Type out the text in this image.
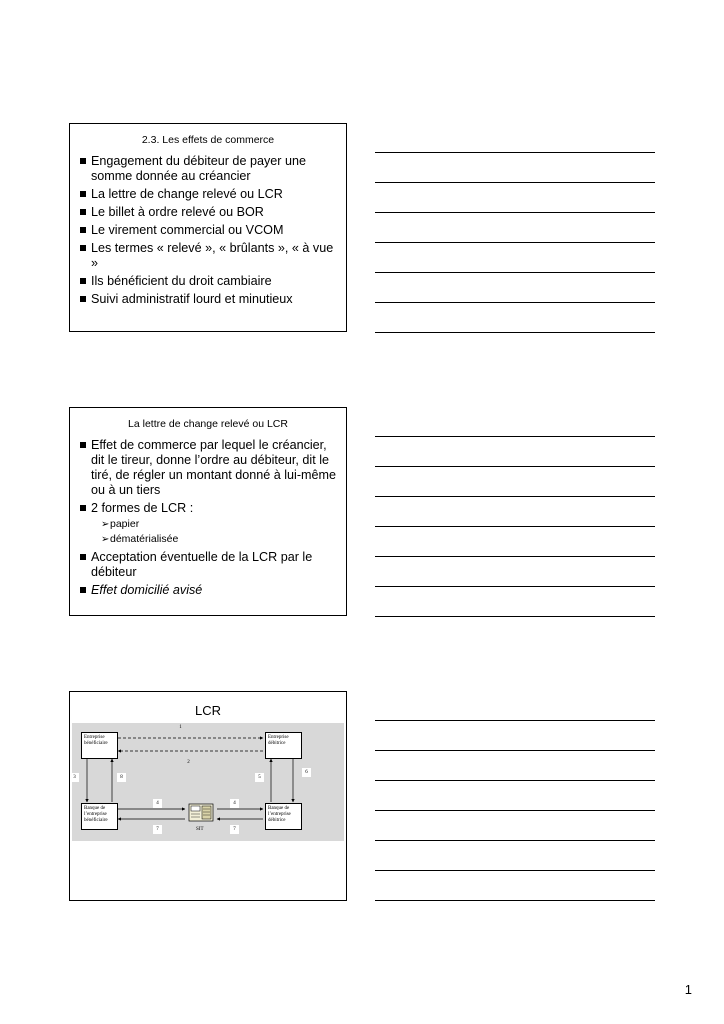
2.3. Les effets de commerce
Engagement du débiteur de payer une somme donnée au créancier
La lettre de change relevé ou LCR
Le billet à ordre relevé ou BOR
Le virement commercial ou VCOM
Les termes « relevé », « brûlants », « à vue »
Ils bénéficient du droit cambiaire
Suivi administratif lourd et minutieux
La lettre de change relevé ou LCR
Effet de commerce par lequel le créancier, dit le tireur, donne l’ordre au débiteur, dit le tiré, de régler un montant donné à lui-même ou à un tiers
2 formes de LCR :
➢ papier
➢ dématérialisée
Acceptation éventuelle de la LCR par le débiteur
Effet domicilié avisé
LCR
Entreprise bénéficiaire
Entreprise débitrice
Banque de l’entreprise bénéficiaire
Banque de l’entreprise débitrice
SIT
1
2
3	8
6
5
4	4
7	7
1
